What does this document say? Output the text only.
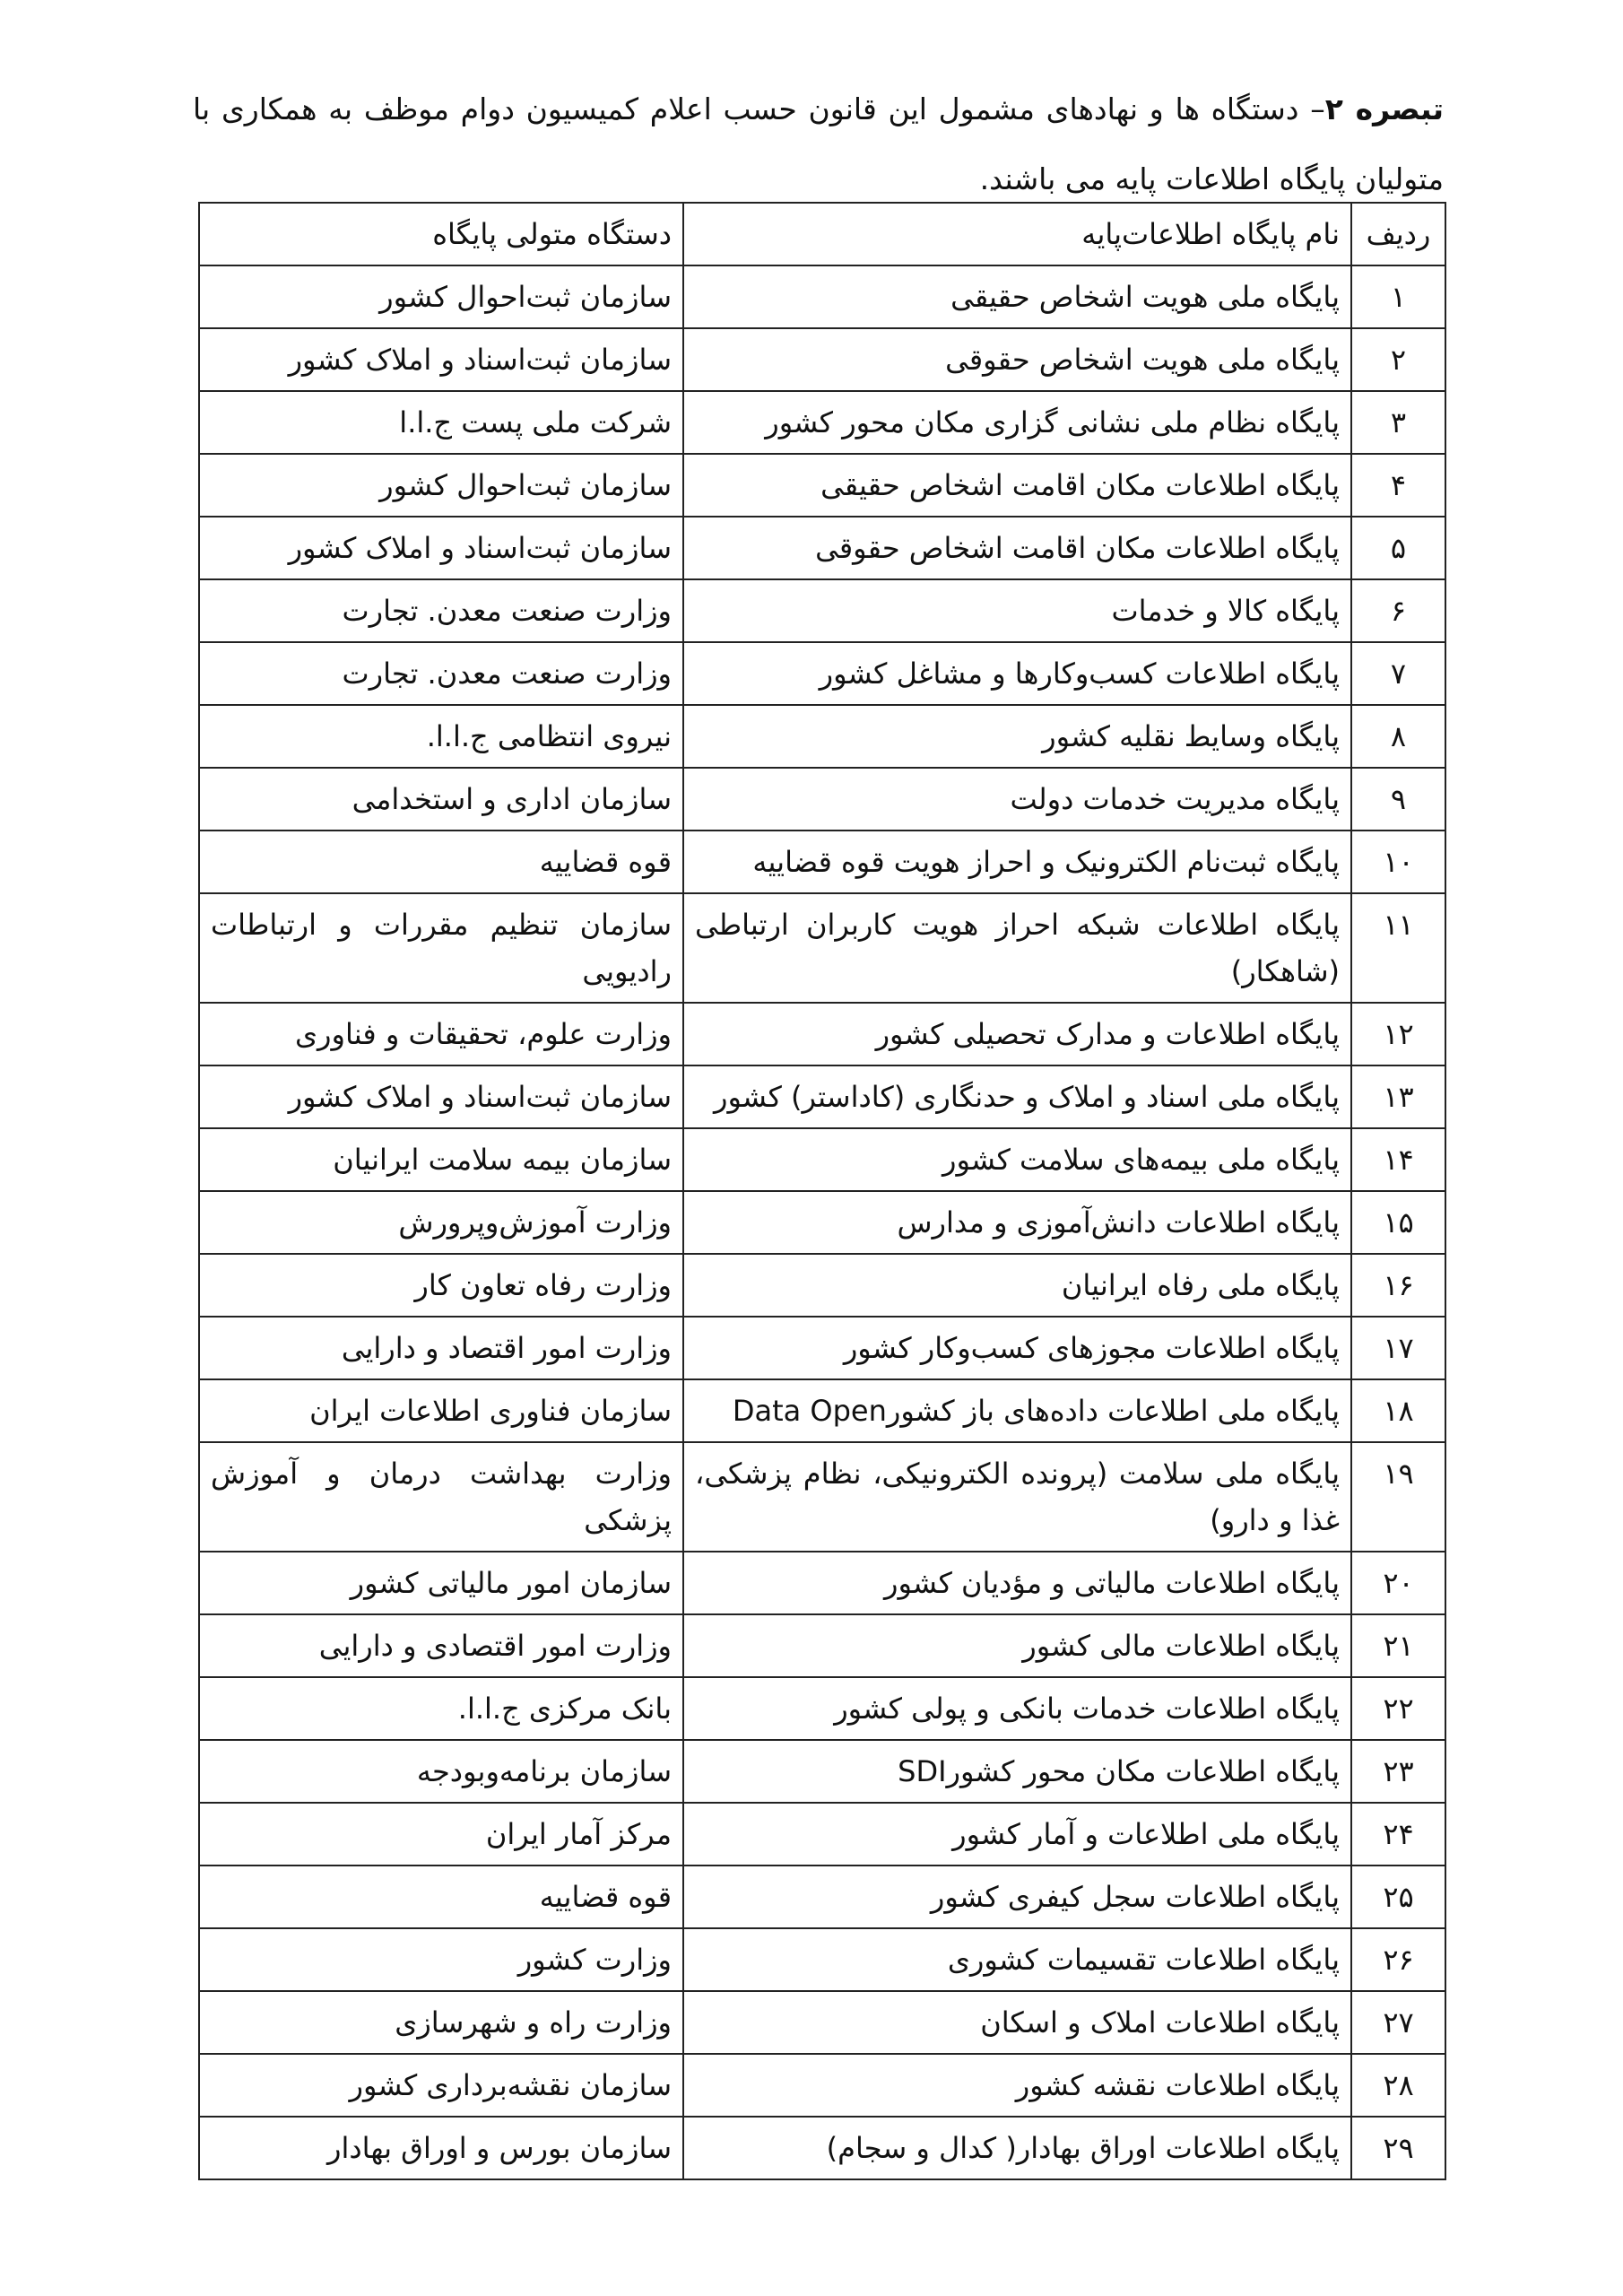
تبصره ۲– دستگاه ها و نهادهای مشمول این قانون حسب اعلام کمیسیون دوام موظف به همکاری با متولیان پایگاه اطلاعات پایه می باشند.

ردیف	نام پایگاه اطلاعات‌پایه	دستگاه متولی پایگاه
۱	پایگاه ملی هویت اشخاص حقیقی	سازمان ثبت‌احوال کشور
۲	پایگاه ملی هویت اشخاص حقوقی	سازمان ثبت‌اسناد و املاک کشور
۳	پایگاه نظام ملی نشانی گزاری مکان محور کشور	شرکت ملی پست ج.ا.ا
۴	پایگاه اطلاعات مکان اقامت اشخاص حقیقی	سازمان ثبت‌احوال کشور
۵	پایگاه اطلاعات مکان اقامت اشخاص حقوقی	سازمان ثبت‌اسناد و املاک کشور
۶	پایگاه کالا و خدمات	وزارت صنعت معدن. تجارت
۷	پایگاه اطلاعات کسب‌وکارها و مشاغل کشور	وزارت صنعت معدن. تجارت
۸	پایگاه وسایط نقلیه کشور	نیروی انتظامی ج.ا.ا.
۹	پایگاه مدیریت خدمات دولت	سازمان اداری و استخدامی
۱۰	پایگاه ثبت‌نام الکترونیک و احراز هویت قوه قضاییه	قوه قضاییه
۱۱	پایگاه اطلاعات شبکه احراز هویت کاربران ارتباطی (شاهکار)	سازمان تنظیم مقررات و ارتباطات رادیویی
۱۲	پایگاه اطلاعات و مدارک تحصیلی کشور	وزارت علوم، تحقیقات و فناوری
۱۳	پایگاه ملی اسناد و املاک و حدنگاری (کاداستر) کشور	سازمان ثبت‌اسناد و املاک کشور
۱۴	پایگاه ملی بیمه‌های سلامت کشور	سازمان بیمه سلامت ایرانیان
۱۵	پایگاه اطلاعات دانش‌آموزی و مدارس	وزارت آموزش‌وپرورش
۱۶	پایگاه ملی رفاه ایرانیان	وزارت رفاه تعاون کار
۱۷	پایگاه اطلاعات مجوزهای کسب‌وکار کشور	وزارت امور اقتصاد و دارایی
۱۸	پایگاه ملی اطلاعات داده‌های باز کشورData Open	سازمان فناوری اطلاعات ایران
۱۹	پایگاه ملی سلامت (پرونده الکترونیکی، نظام پزشکی، غذا و دارو)	وزارت بهداشت درمان و آموزش پزشکی
۲۰	پایگاه اطلاعات مالیاتی و مؤدیان کشور	سازمان امور مالیاتی کشور
۲۱	پایگاه اطلاعات مالی کشور	وزارت امور اقتصادی و دارایی
۲۲	پایگاه اطلاعات خدمات بانکی و پولی کشور	بانک مرکزی ج.ا.ا.
۲۳	پایگاه اطلاعات مکان محور کشورSDI	سازمان برنامه‌وبودجه
۲۴	پایگاه ملی اطلاعات و آمار کشور	مرکز آمار ایران
۲۵	پایگاه اطلاعات سجل کیفری کشور	قوه قضاییه
۲۶	پایگاه اطلاعات تقسیمات کشوری	وزارت کشور
۲۷	پایگاه اطلاعات املاک و اسکان	وزارت راه و شهرسازی
۲۸	پایگاه اطلاعات نقشه کشور	سازمان نقشه‌برداری کشور
۲۹	پایگاه اطلاعات اوراق بهادار( کدال و سجام)	سازمان بورس و اوراق بهادار
